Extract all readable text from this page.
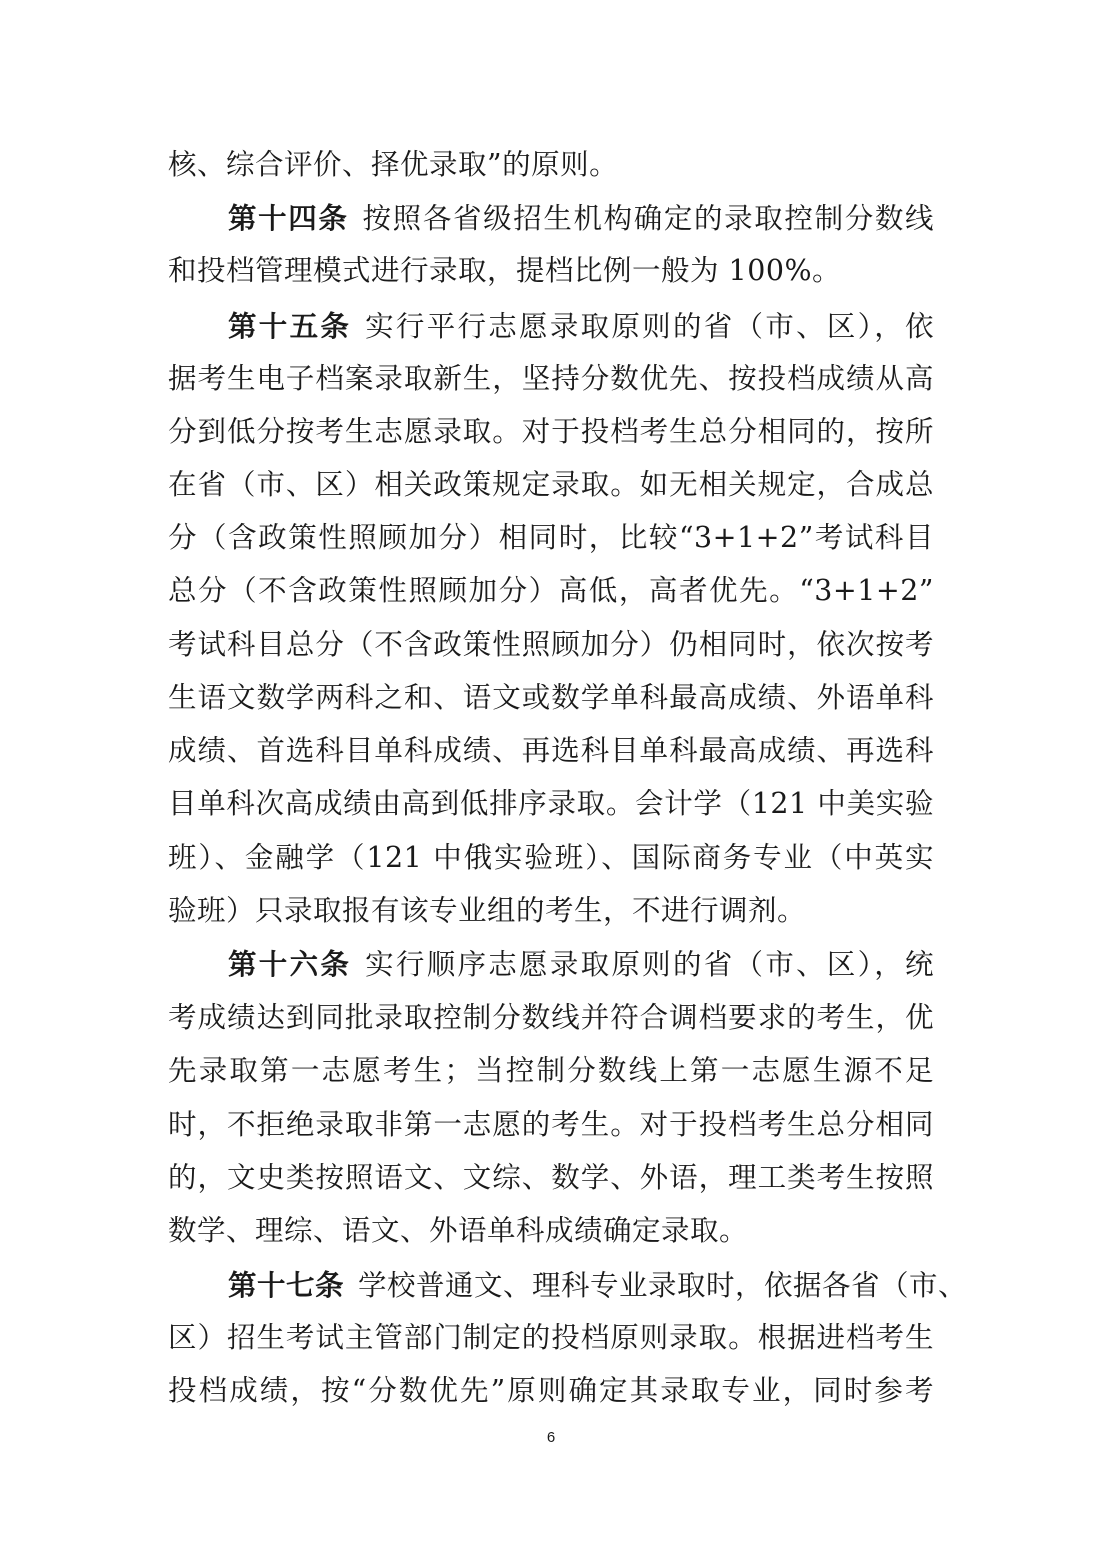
核、综合评价、择优录取”的原则。
第十四条 按照各省级招生机构确定的录取控制分数线
和投档管理模式进行录取，提档比例一般为 100%。
第十五条 实行平行志愿录取原则的省（市、区），依
据考生电子档案录取新生，坚持分数优先、按投档成绩从高
分到低分按考生志愿录取。对于投档考生总分相同的，按所
在省（市、区）相关政策规定录取。如无相关规定，合成总
分（含政策性照顾加分）相同时，比较“3+1+2”考试科目
总分（不含政策性照顾加分）高低，高者优先。“3+1+2”
考试科目总分（不含政策性照顾加分）仍相同时，依次按考
生语文数学两科之和、语文或数学单科最高成绩、外语单科
成绩、首选科目单科成绩、再选科目单科最高成绩、再选科
目单科次高成绩由高到低排序录取。会计学（121 中美实验
班）、金融学（121 中俄实验班）、国际商务专业（中英实
验班）只录取报有该专业组的考生，不进行调剂。
第十六条 实行顺序志愿录取原则的省（市、区），统
考成绩达到同批录取控制分数线并符合调档要求的考生，优
先录取第一志愿考生；当控制分数线上第一志愿生源不足
时，不拒绝录取非第一志愿的考生。对于投档考生总分相同
的，文史类按照语文、文综、数学、外语，理工类考生按照
数学、理综、语文、外语单科成绩确定录取。
第十七条 学校普通文、理科专业录取时，依据各省（市、
区）招生考试主管部门制定的投档原则录取。根据进档考生
投档成绩，按“分数优先”原则确定其录取专业，同时参考
6
